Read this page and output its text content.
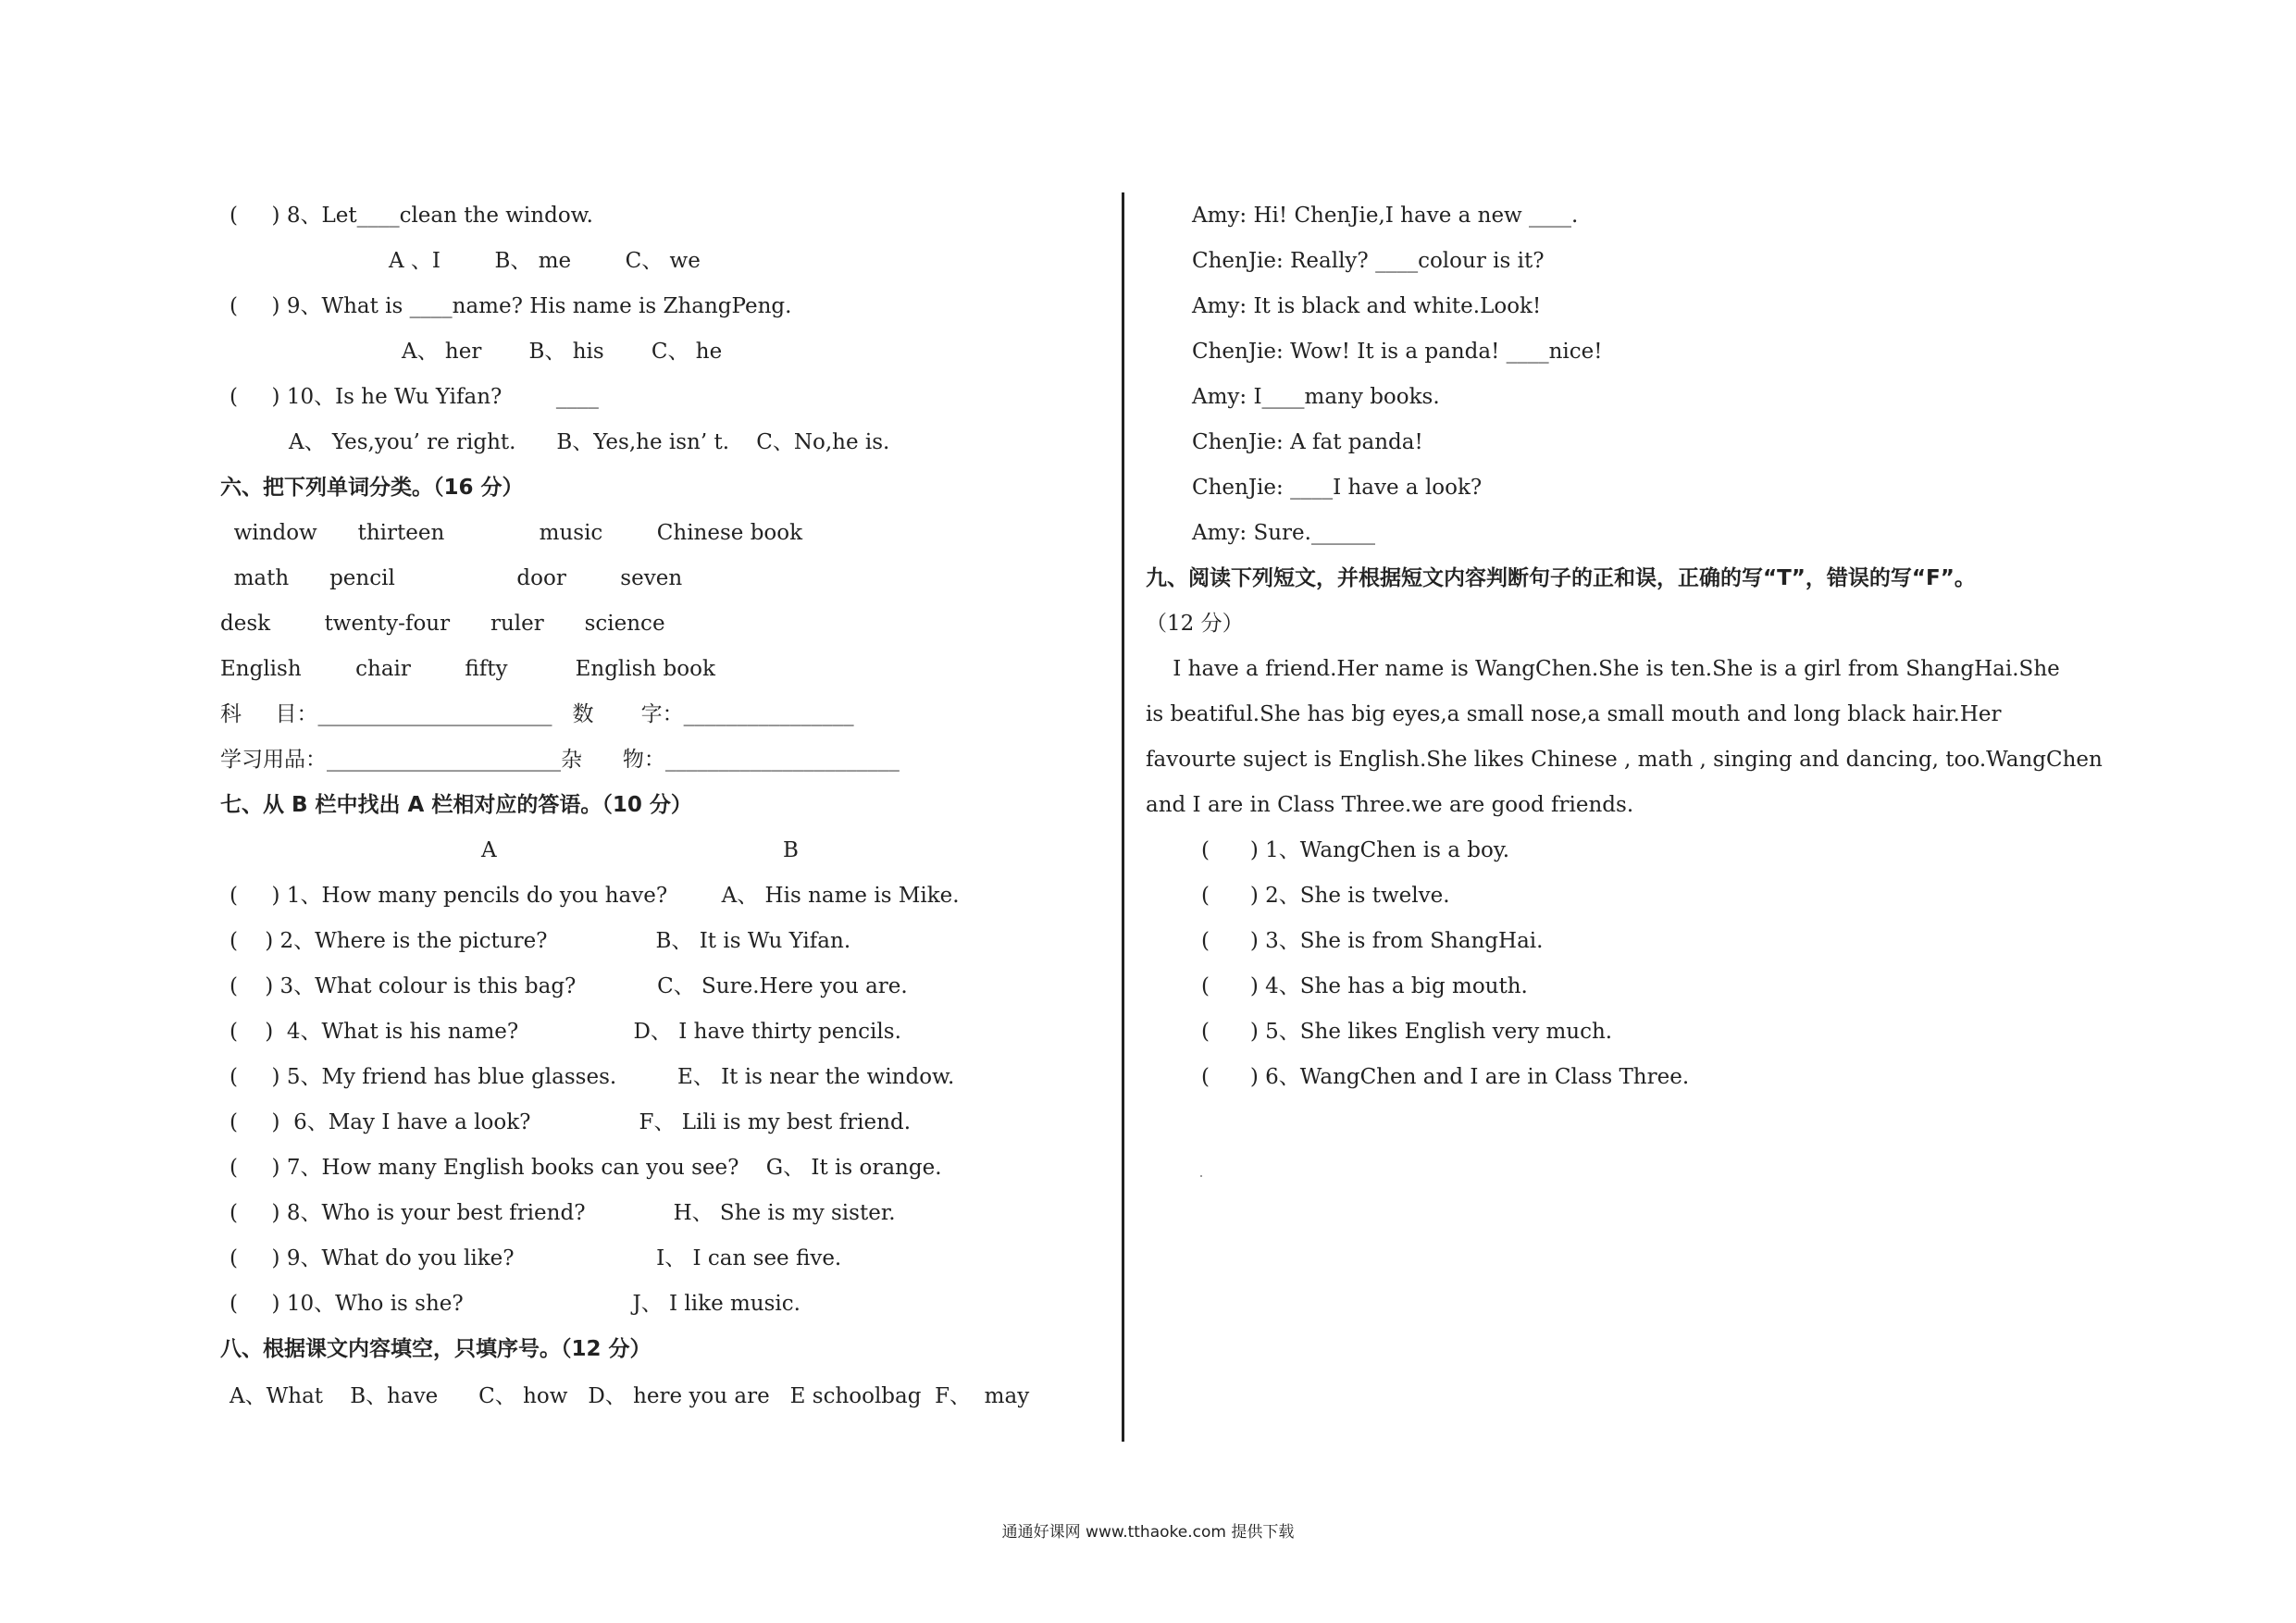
(     ) 8、Let____clean the window.
A 、I        B、 me        C、 we
(     ) 9、What is ____name? His name is ZhangPeng.
A、 her       B、 his       C、 he
(     ) 10、Is he Wu Yifan?        ____
A、 Yes,you’ re right.      B、Yes,he isn’ t.    C、No,he is.
六、把下列单词分类。（16 分）
window      thirteen              music        Chinese book
math      pencil                  door        seven
desk        twenty-four      ruler      science
English        chair        fifty          English book
科     目：______________________   数       字：________________
学习用品：______________________杂      物：______________________
七、从 B 栏中找出 A 栏相对应的答语。（10 分）
A	B
(     ) 1、How many pencils do you have?        A、 His name is Mike.
(    ) 2、Where is the picture?                B、 It is Wu Yifan.
(    ) 3、What colour is this bag?            C、 Sure.Here you are.
(    )  4、What is his name?                 D、 I have thirty pencils.
(     ) 5、My friend has blue glasses.         E、 It is near the window.
(     )  6、May I have a look?                F、 Lili is my best friend.
(     ) 7、How many English books can you see?    G、 It is orange.
(     ) 8、Who is your best friend?             H、 She is my sister.
(     ) 9、What do you like?                     I、 I can see five.
(     ) 10、Who is she?                         J、 I like music.
八、根据课文内容填空，只填序号。（12 分）
A、What    B、have      C、 how   D、 here you are   E schoolbag  F、  may
Amy: Hi! ChenJie,I have a new ____.
ChenJie: Really? ____colour is it?
Amy: It is black and white.Look!
ChenJie: Wow! It is a panda! ____nice!
Amy: I____many books.
ChenJie: A fat panda!
ChenJie: ____I have a look?
Amy: Sure.______
九、阅读下列短文，并根据短文内容判断句子的正和误，正确的写“T”，错误的写“F”。
（12 分）
I have a friend.Her name is WangChen.She is ten.She is a girl from ShangHai.She
is beatiful.She has big eyes,a small nose,a small mouth and long black hair.Her
favourte suject is English.She likes Chinese , math , singing and dancing, too.WangChen
and I are in Class Three.we are good friends.
(      ) 1、WangChen is a boy.
(      ) 2、She is twelve.
(      ) 3、She is from ShangHai.
(      ) 4、She has a big mouth.
(      ) 5、She likes English very much.
(      ) 6、WangChen and I are in Class Three.
通通好课网 www.tthaoke.com 提供下载
